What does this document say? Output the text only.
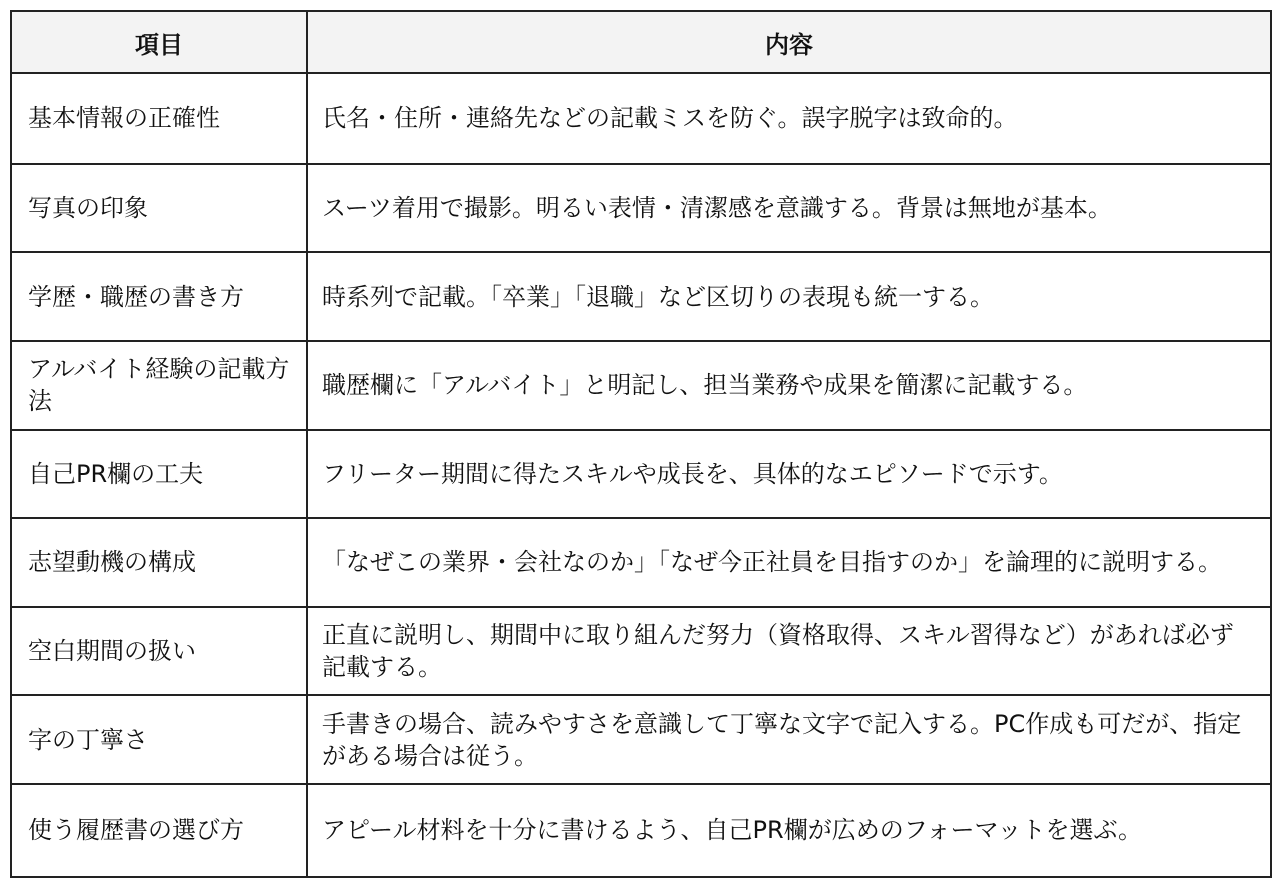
項目	内容
基本情報の正確性	氏名・住所・連絡先などの記載ミスを防ぐ。誤字脱字は致命的。
写真の印象	スーツ着用で撮影。明るい表情・清潔感を意識する。背景は無地が基本。
学歴・職歴の書き方	時系列で記載。「卒業」「退職」など区切りの表現も統一する。
アルバイト経験の記載方法	職歴欄に「アルバイト」と明記し、担当業務や成果を簡潔に記載する。
自己PR欄の工夫	フリーター期間に得たスキルや成長を、具体的なエピソードで示す。
志望動機の構成	「なぜこの業界・会社なのか」「なぜ今正社員を目指すのか」を論理的に説明する。
空白期間の扱い	正直に説明し、期間中に取り組んだ努力（資格取得、スキル習得など）があれば必ず記載する。
字の丁寧さ	手書きの場合、読みやすさを意識して丁寧な文字で記入する。PC作成も可だが、指定がある場合は従う。
使う履歴書の選び方	アピール材料を十分に書けるよう、自己PR欄が広めのフォーマットを選ぶ。
